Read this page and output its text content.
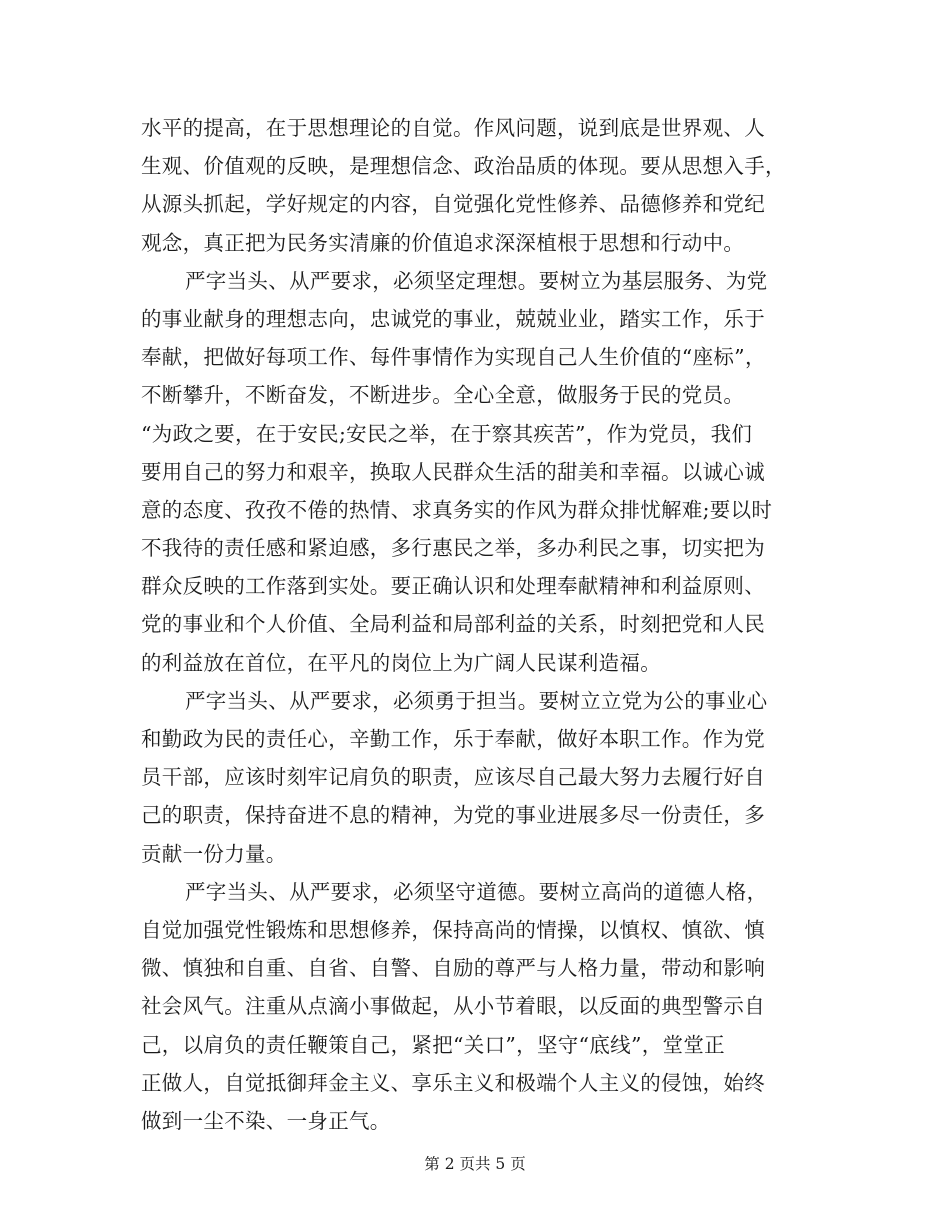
水平的提高，在于思想理论的自觉。作风问题，说到底是世界观、人
生观、价值观的反映，是理想信念、政治品质的体现。要从思想入手，
从源头抓起，学好规定的内容，自觉强化党性修养、品德修养和党纪
观念，真正把为民务实清廉的价值追求深深植根于思想和行动中。
严字当头、从严要求，必须坚定理想。要树立为基层服务、为党
的事业献身的理想志向，忠诚党的事业，兢兢业业，踏实工作，乐于
奉献，把做好每项工作、每件事情作为实现自己人生价值的“座标”，
不断攀升，不断奋发，不断进步。全心全意，做服务于民的党员。
“为政之要，在于安民;安民之举，在于察其疾苦”，作为党员，我们
要用自己的努力和艰辛，换取人民群众生活的甜美和幸福。以诚心诚
意的态度、孜孜不倦的热情、求真务实的作风为群众排忧解难;要以时
不我待的责任感和紧迫感，多行惠民之举，多办利民之事，切实把为
群众反映的工作落到实处。要正确认识和处理奉献精神和利益原则、
党的事业和个人价值、全局利益和局部利益的关系，时刻把党和人民
的利益放在首位，在平凡的岗位上为广阔人民谋利造福。
严字当头、从严要求，必须勇于担当。要树立立党为公的事业心
和勤政为民的责任心，辛勤工作，乐于奉献，做好本职工作。作为党
员干部，应该时刻牢记肩负的职责，应该尽自己最大努力去履行好自
己的职责，保持奋进不息的精神，为党的事业进展多尽一份责任，多
贡献一份力量。
严字当头、从严要求，必须坚守道德。要树立高尚的道德人格，
自觉加强党性锻炼和思想修养，保持高尚的情操，以慎权、慎欲、慎
微、慎独和自重、自省、自警、自励的尊严与人格力量，带动和影响
社会风气。注重从点滴小事做起，从小节着眼，以反面的典型警示自
己，以肩负的责任鞭策自己，紧把“关口”，坚守“底线”，堂堂正
正做人，自觉抵御拜金主义、享乐主义和极端个人主义的侵蚀，始终
做到一尘不染、一身正气。
第 2 页共 5 页
